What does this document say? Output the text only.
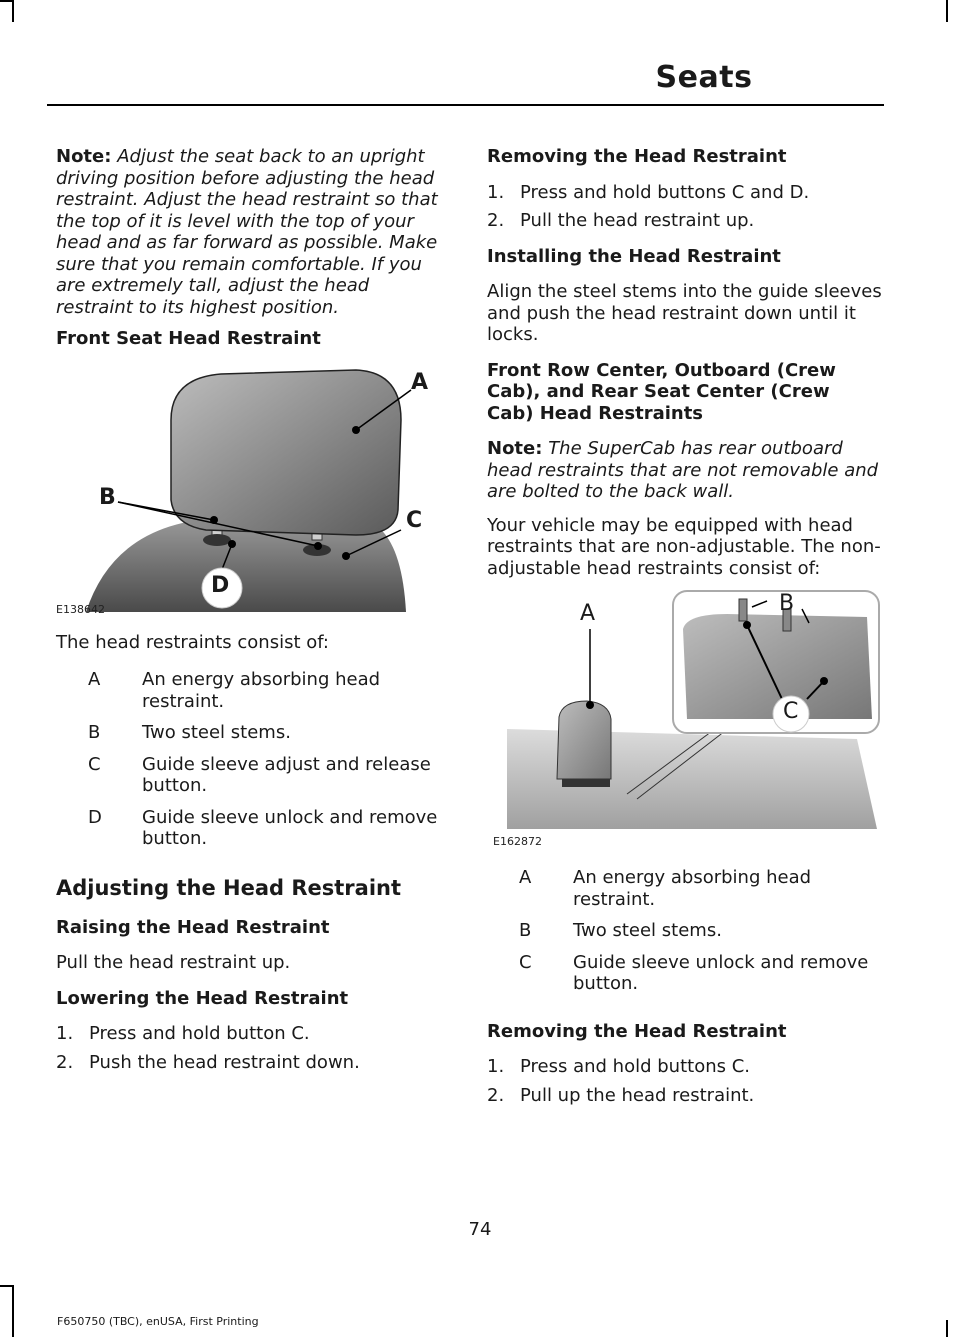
Seats

Note: Adjust the seat back to an upright driving position before adjusting the head restraint. Adjust the head restraint so that the top of it is level with the top of your head and as far forward as possible. Make sure that you remain comfortable. If you are extremely tall, adjust the head restraint to its highest position.

Front Seat Head Restraint

A
B
C
D
E138642

The head restraints consist of:

A	An energy absorbing head restraint.
B	Two steel stems.
C	Guide sleeve adjust and release button.
D	Guide sleeve unlock and remove button.

Adjusting the Head Restraint

Raising the Head Restraint

Pull the head restraint up.

Lowering the Head Restraint

1. Press and hold button C.
2. Push the head restraint down.

Removing the Head Restraint

1. Press and hold buttons C and D.
2. Pull the head restraint up.

Installing the Head Restraint

Align the steel stems into the guide sleeves and push the head restraint down until it locks.

Front Row Center, Outboard (Crew Cab), and Rear Seat Center (Crew Cab) Head Restraints

Note: The SuperCab has rear outboard head restraints that are not removable and are bolted to the back wall.

Your vehicle may be equipped with head restraints that are non-adjustable. The non-adjustable head restraints consist of:

A	B
C
E162872
A	An energy absorbing head restraint.
B	Two steel stems.
C	Guide sleeve unlock and remove button.

Removing the Head Restraint

1. Press and hold buttons C.
2. Pull up the head restraint.
74
F650750 (TBC), enUSA, First Printing
